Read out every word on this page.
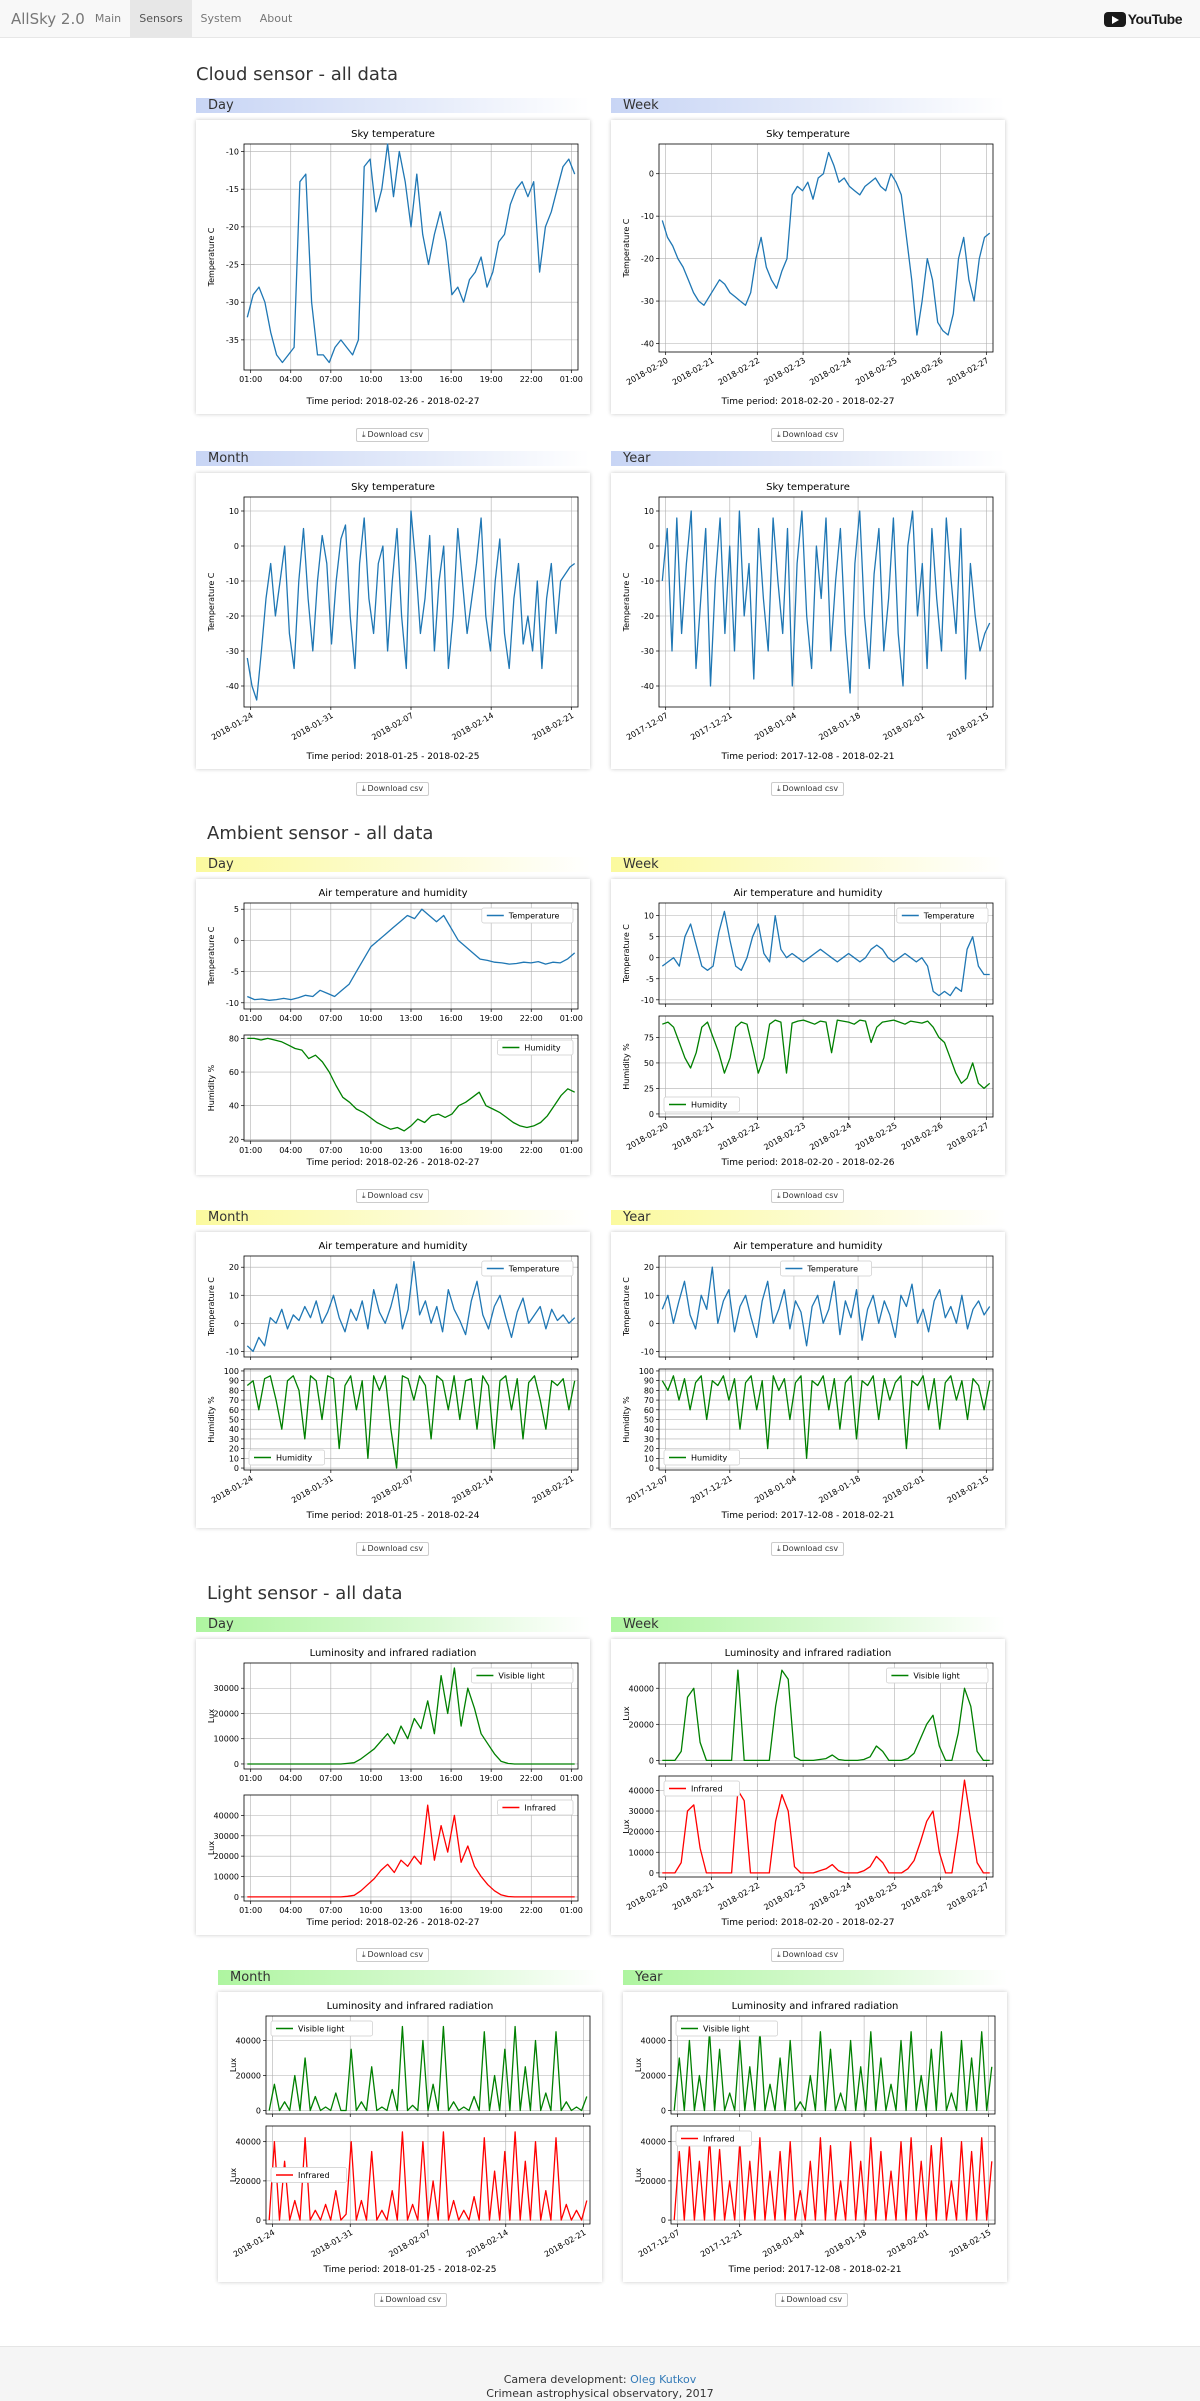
AllSky 2.0 Main	Sensors	System	About	YouTube
Cloud sensor - all data
Ambient sensor - all data
Light sensor - all data
Day	Week
Month	Year
Day	Week
Month	Year
Day	Week
Month	Year
Sky temperature
-35
-30
-25
-20
-15
-10
01:00 04:00 07:00 10:00 13:00 16:00 19:00 22:00 01:00
Temperature C
Time period: 2018-02-26 - 2018-02-27
Sky temperature
-40
-30
-20
-10
0
2018-02-20 2018-02-21 2018-02-22 2018-02-23 2018-02-24 2018-02-25 2018-02-26 2018-02-27
Temperature C
Time period: 2018-02-20 - 2018-02-27
Sky temperature
-40
-30
-20
-10
0
10
2018-01-24	2018-01-31	2018-02-07	2018-02-14	2018-02-21
Temperature C
Time period: 2018-01-25 - 2018-02-25
Sky temperature
-40
-30
-20
-10
0
10
2017-12-07 2017-12-21 2018-01-04 2018-01-18 2018-02-01 2018-02-15
Temperature C
Time period: 2017-12-08 - 2018-02-21
Air temperature and humidity
-10
-5
0
5
01:00 04:00 07:00 10:00 13:00 16:00 19:00 22:00 01:00
Temperature C
Temperature
20
40
60
80
01:00 04:00 07:00 10:00 13:00 16:00 19:00 22:00 01:00
Humidity %
Humidity
Time period: 2018-02-26 - 2018-02-27
Air temperature and humidity
-10
-5
0
5
10
Temperature C
Temperature
0
25
50
75
2018-02-20 2018-02-21 2018-02-22 2018-02-23 2018-02-24 2018-02-25 2018-02-26 2018-02-27
Humidity %
Humidity
Time period: 2018-02-20 - 2018-02-26
Air temperature and humidity
-10
0
10
20
Temperature C
Temperature
0
10
20
30
40
50
60
70
80
90
100
2018-01-24	2018-01-31	2018-02-07	2018-02-14	2018-02-21
Humidity %
Humidity
Time period: 2018-01-25 - 2018-02-24
Air temperature and humidity
-10
0
10
20
Temperature C
Temperature
0
10
20
30
40
50
60
70
80
90
100
2017-12-07 2017-12-21 2018-01-04 2018-01-18 2018-02-01 2018-02-15
Humidity %
Humidity
Time period: 2017-12-08 - 2018-02-21
Luminosity and infrared radiation
0
10000
20000
30000
01:00 04:00 07:00 10:00 13:00 16:00 19:00 22:00 01:00
Lux
Visible light
0
10000
20000
30000
40000
01:00 04:00 07:00 10:00 13:00 16:00 19:00 22:00 01:00
Lux
Infrared
Time period: 2018-02-26 - 2018-02-27
Luminosity and infrared radiation
0
20000
40000
Lux
Visible light
0
10000
20000
30000
40000
2018-02-20 2018-02-21 2018-02-22 2018-02-23 2018-02-24 2018-02-25 2018-02-26 2018-02-27
Lux
Infrared
Time period: 2018-02-20 - 2018-02-27
Luminosity and infrared radiation
0
20000
40000
Lux
Visible light
0
20000
40000
2018-01-24	2018-01-31	2018-02-07	2018-02-14	2018-02-21
Lux	Infrared
Time period: 2018-01-25 - 2018-02-25
Luminosity and infrared radiation
0
20000
40000
Lux
Visible light
0
20000
40000
2017-12-07 2017-12-21 2018-01-04 2018-01-18 2018-02-01 2018-02-15
Lux
Infrared
Time period: 2017-12-08 - 2018-02-21
⤓ Download csv	⤓ Download csv
⤓ Download csv	⤓ Download csv
⤓ Download csv	⤓ Download csv
⤓ Download csv	⤓ Download csv
⤓ Download csv	⤓ Download csv
⤓ Download csv	⤓ Download csv
Camera development: Oleg Kutkov
Crimean astrophysical observatory, 2017
